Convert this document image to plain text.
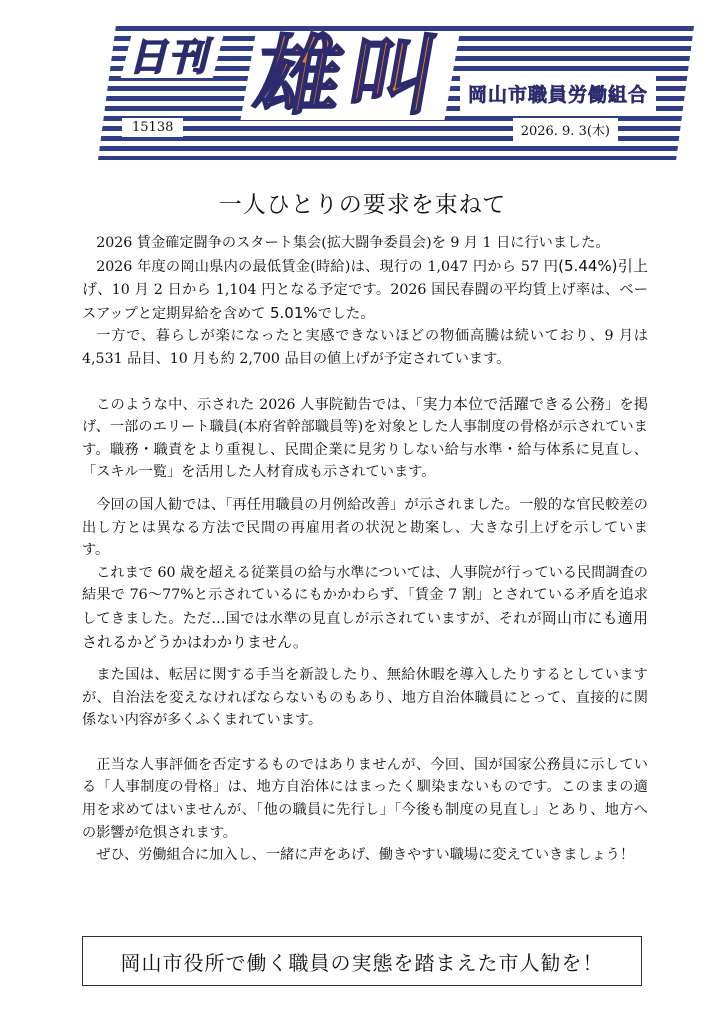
日刊 雄叫 岡山市職員労働組合
15138	2026. 9. 3(木)
一人ひとりの要求を束ねて

2026 賃金確定闘争のスタート集会(拡大闘争委員会)を 9 月 1 日に行いました。

2026 年度の岡山県内の最低賃金(時給)は、現行の 1,047 円から 57 円(5.44%)引上げ、10 月 2 日から 1,104 円となる予定です。2026 国民春闘の平均賃上げ率は、ベースアップと定期昇給を含めて 5.01%でした。

一方で、暮らしが楽になったと実感できないほどの物価高騰は続いており、9 月は 4,531 品目、10 月も約 2,700 品目の値上げが予定されています。

このような中、示された 2026 人事院勧告では、「実力本位で活躍できる公務」を掲げ、一部のエリート職員(本府省幹部職員等)を対象とした人事制度の骨格が示されています。職務・職責をより重視し、民間企業に見劣りしない給与水準・給与体系に見直し、「スキル一覧」を活用した人材育成も示されています。

今回の国人勧では、「再任用職員の月例給改善」が示されました。一般的な官民較差の出し方とは異なる方法で民間の再雇用者の状況と勘案し、大きな引上げを示しています。

これまで 60 歳を超える従業員の給与水準については、人事院が行っている民間調査の結果で 76～77%と示されているにもかかわらず、「賃金 7 割」とされている矛盾を追求してきました。ただ…国では水準の見直しが示されていますが、それが岡山市にも適用されるかどうかはわかりません。

また国は、転居に関する手当を新設したり、無給休暇を導入したりするとしていますが、自治法を変えなければならないものもあり、地方自治体職員にとって、直接的に関係ない内容が多くふくまれています。

正当な人事評価を否定するものではありませんが、今回、国が国家公務員に示している「人事制度の骨格」は、地方自治体にはまったく馴染まないものです。このままの適用を求めてはいませんが、「他の職員に先行し」「今後も制度の見直し」とあり、地方への影響が危惧されます。

ぜひ、労働組合に加入し、一緒に声をあげ、働きやすい職場に変えていきましょう！

岡山市役所で働く職員の実態を踏まえた市人勧を！
